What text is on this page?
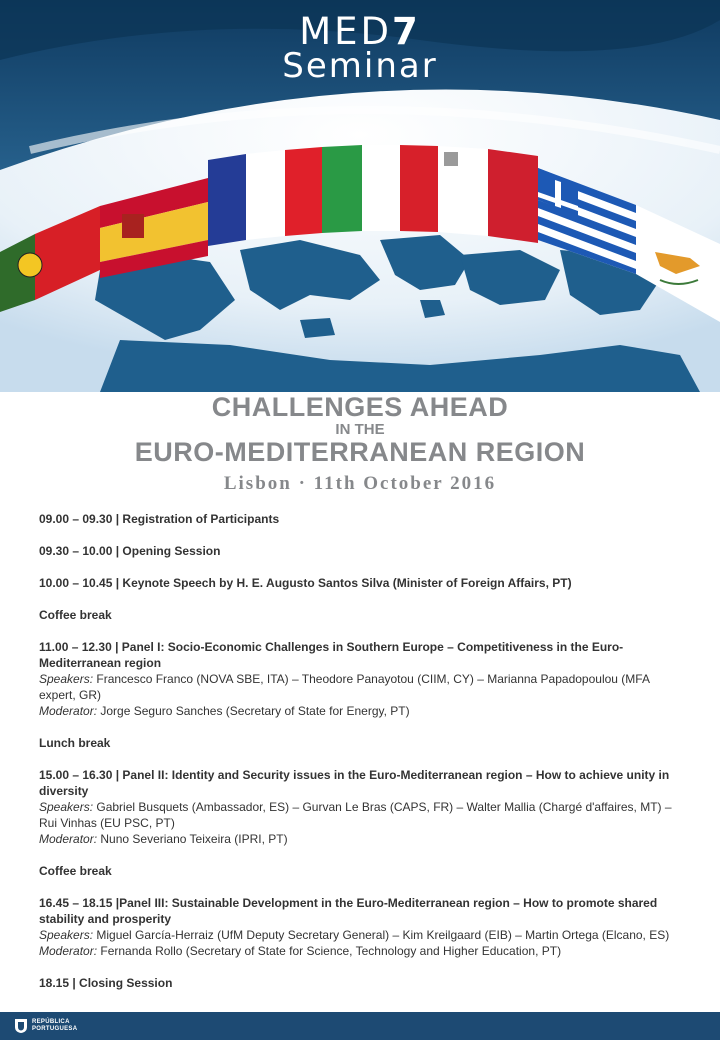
MED7
Seminar
CHALLENGES AHEAD
IN THE
EURO-MEDITERRANEAN REGION
Lisbon · 11th October 2016
09.00 – 09.30 | Registration of Participants
09.30 – 10.00 | Opening Session
10.00 – 10.45 | Keynote Speech by H. E. Augusto Santos Silva (Minister of Foreign Affairs, PT)
Coffee break
11.00 – 12.30 | Panel I: Socio-Economic Challenges in Southern Europe – Competitiveness in the Euro-Mediterranean region
Speakers: Francesco Franco (NOVA SBE, ITA) – Theodore Panayotou (CIIM, CY) – Marianna Papadopoulou (MFA expert, GR)
Moderator: Jorge Seguro Sanches (Secretary of State for Energy, PT)
Lunch break
15.00 – 16.30 | Panel II: Identity and Security issues in the Euro-Mediterranean region – How to achieve unity in diversity
Speakers: Gabriel Busquets (Ambassador, ES) – Gurvan Le Bras (CAPS, FR) – Walter Mallia (Chargé d'affaires, MT) – Rui Vinhas (EU PSC, PT)
Moderator: Nuno Severiano Teixeira (IPRI, PT)
Coffee break
16.45 – 18.15 |Panel III: Sustainable Development in the Euro-Mediterranean region – How to promote shared stability and prosperity
Speakers: Miguel García-Herraiz (UfM Deputy Secretary General) – Kim Kreilgaard (EIB) – Martin Ortega (Elcano, ES)
Moderator: Fernanda Rollo (Secretary of State for Science, Technology and Higher Education, PT)
18.15 | Closing Session
REPÚBLICA
PORTUGUESA
